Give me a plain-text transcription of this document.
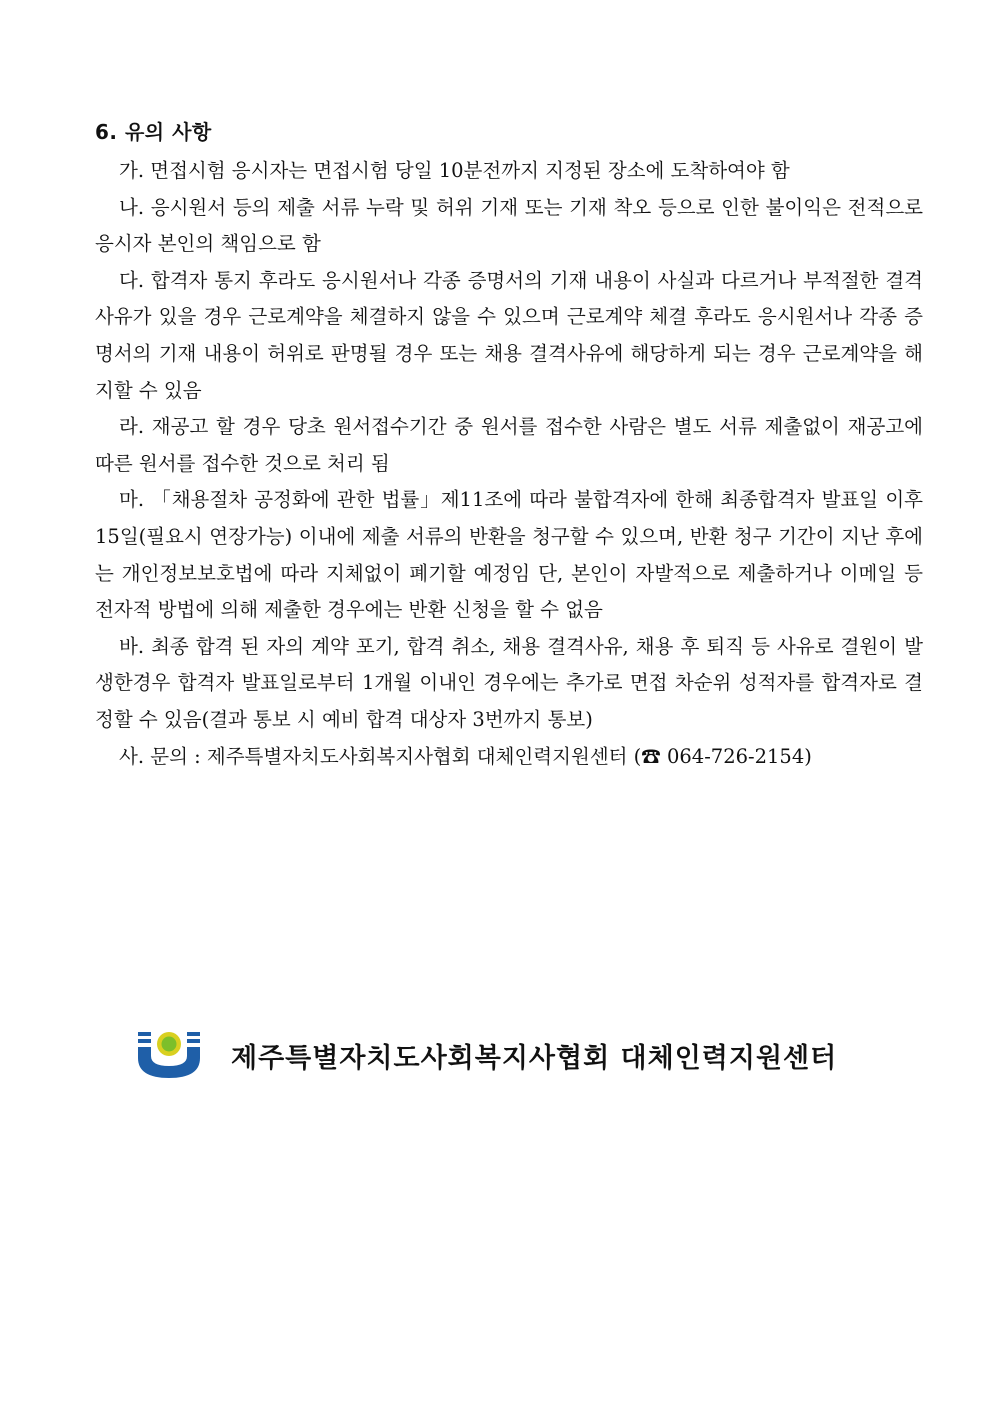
6. 유의 사항

가. 면접시험 응시자는 면접시험 당일 10분전까지 지정된 장소에 도착하여야 함

나. 응시원서 등의 제출 서류 누락 및 허위 기재 또는 기재 착오 등으로 인한 불이익은 전적으로 응시자 본인의 책임으로 함

다. 합격자 통지 후라도 응시원서나 각종 증명서의 기재 내용이 사실과 다르거나 부적절한 결격사유가 있을 경우 근로계약을 체결하지 않을 수 있으며 근로계약 체결 후라도 응시원서나 각종 증명서의 기재 내용이 허위로 판명될 경우 또는 채용 결격사유에 해당하게 되는 경우 근로계약을 해지할 수 있음

라. 재공고 할 경우 당초 원서접수기간 중 원서를 접수한 사람은 별도 서류 제출없이 재공고에 따른 원서를 접수한 것으로 처리 됨

마. 「채용절차 공정화에 관한 법률」제11조에 따라 불합격자에 한해 최종합격자 발표일 이후 15일(필요시 연장가능) 이내에 제출 서류의 반환을 청구할 수 있으며, 반환 청구 기간이 지난 후에는 개인정보보호법에 따라 지체없이 폐기할 예정임 단, 본인이 자발적으로 제출하거나 이메일 등 전자적 방법에 의해 제출한 경우에는 반환 신청을 할 수 없음

바. 최종 합격 된 자의 계약 포기, 합격 취소, 채용 결격사유, 채용 후 퇴직 등 사유로 결원이 발생한경우 합격자 발표일로부터 1개월 이내인 경우에는 추가로 면접 차순위 성적자를 합격자로 결정할 수 있음(결과 통보 시 예비 합격 대상자 3번까지 통보)

사. 문의 : 제주특별자치도사회복지사협회 대체인력지원센터 (☎ 064-726-2154)

제주특별자치도사회복지사협회 대체인력지원센터
